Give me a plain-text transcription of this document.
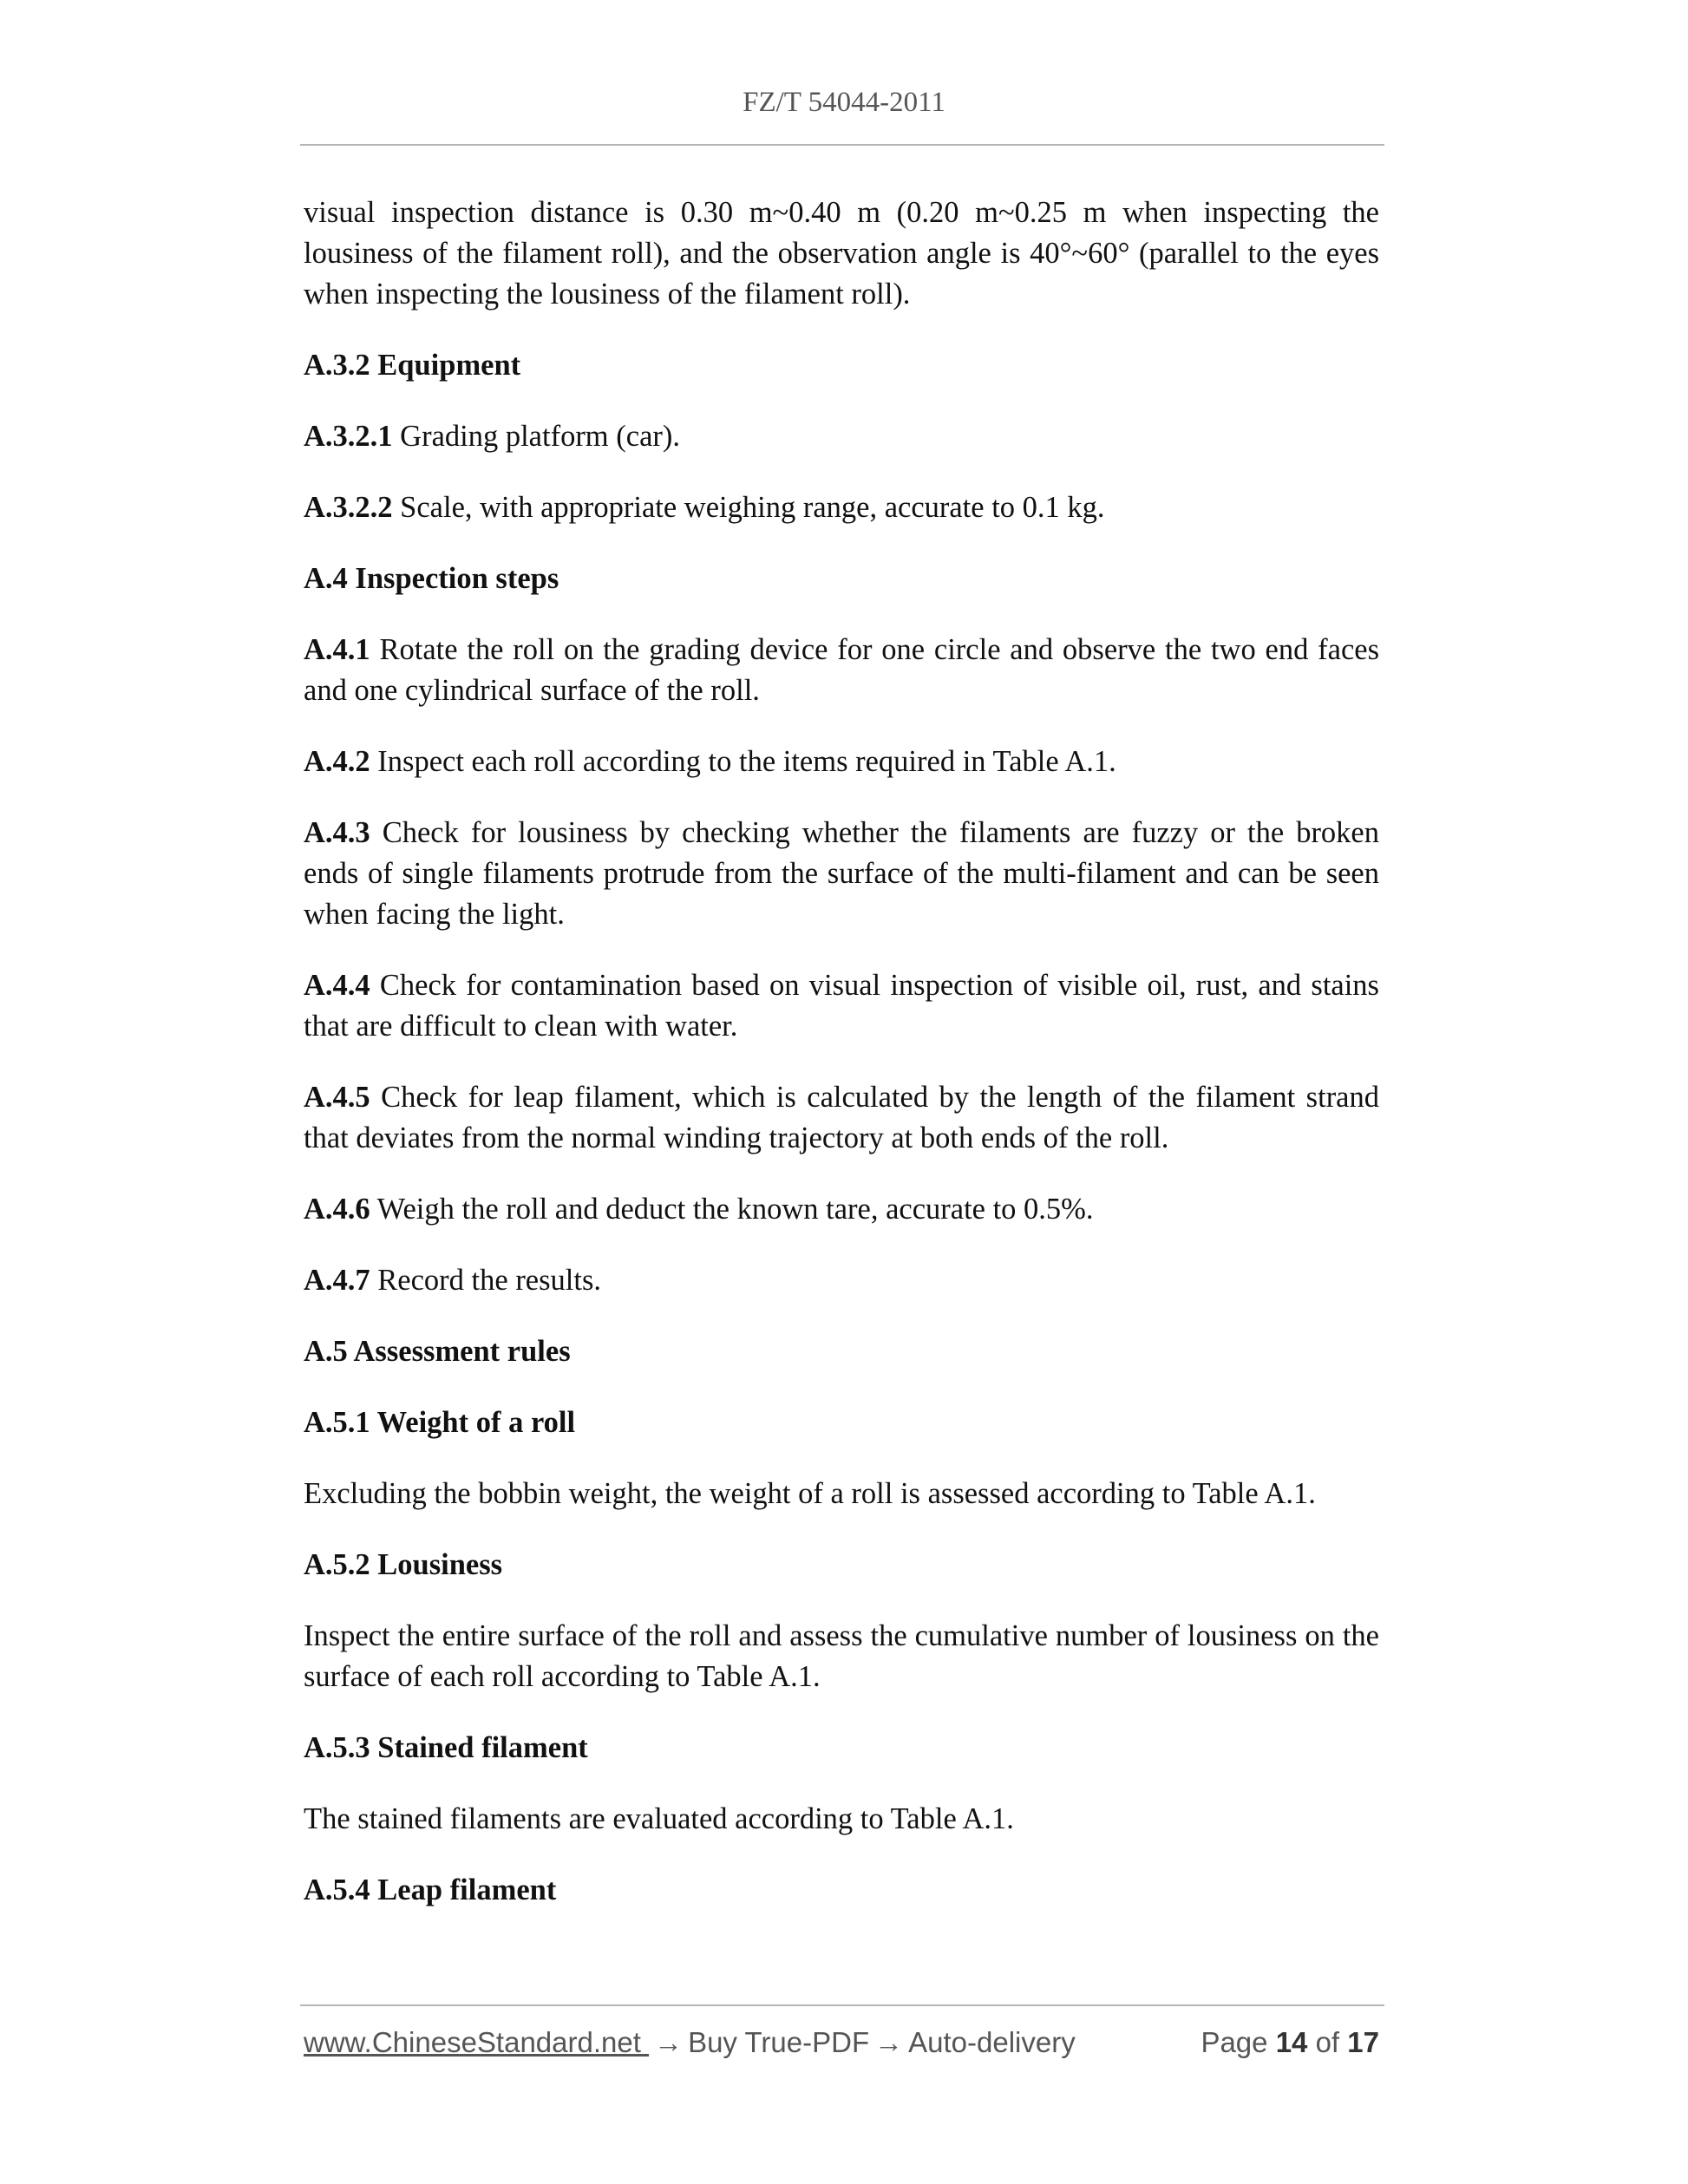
FZ/T 54044-2011

visual inspection distance is 0.30 m~0.40 m (0.20 m~0.25 m when inspecting the lousiness of the filament roll), and the observation angle is 40°~60° (parallel to the eyes when inspecting the lousiness of the filament roll).

A.3.2 Equipment

A.3.2.1 Grading platform (car).

A.3.2.2 Scale, with appropriate weighing range, accurate to 0.1 kg.

A.4 Inspection steps

A.4.1 Rotate the roll on the grading device for one circle and observe the two end faces and one cylindrical surface of the roll.

A.4.2 Inspect each roll according to the items required in Table A.1.

A.4.3 Check for lousiness by checking whether the filaments are fuzzy or the broken ends of single filaments protrude from the surface of the multi-filament and can be seen when facing the light.

A.4.4 Check for contamination based on visual inspection of visible oil, rust, and stains that are difficult to clean with water.

A.4.5 Check for leap filament, which is calculated by the length of the filament strand that deviates from the normal winding trajectory at both ends of the roll.

A.4.6 Weigh the roll and deduct the known tare, accurate to 0.5%.

A.4.7 Record the results.

A.5 Assessment rules

A.5.1 Weight of a roll

Excluding the bobbin weight, the weight of a roll is assessed according to Table A.1.

A.5.2 Lousiness

Inspect the entire surface of the roll and assess the cumulative number of lousiness on the surface of each roll according to Table A.1.

A.5.3 Stained filament

The stained filaments are evaluated according to Table A.1.

A.5.4 Leap filament

www.ChineseStandard.net → Buy True-PDF → Auto-delivery	Page 14 of 17
